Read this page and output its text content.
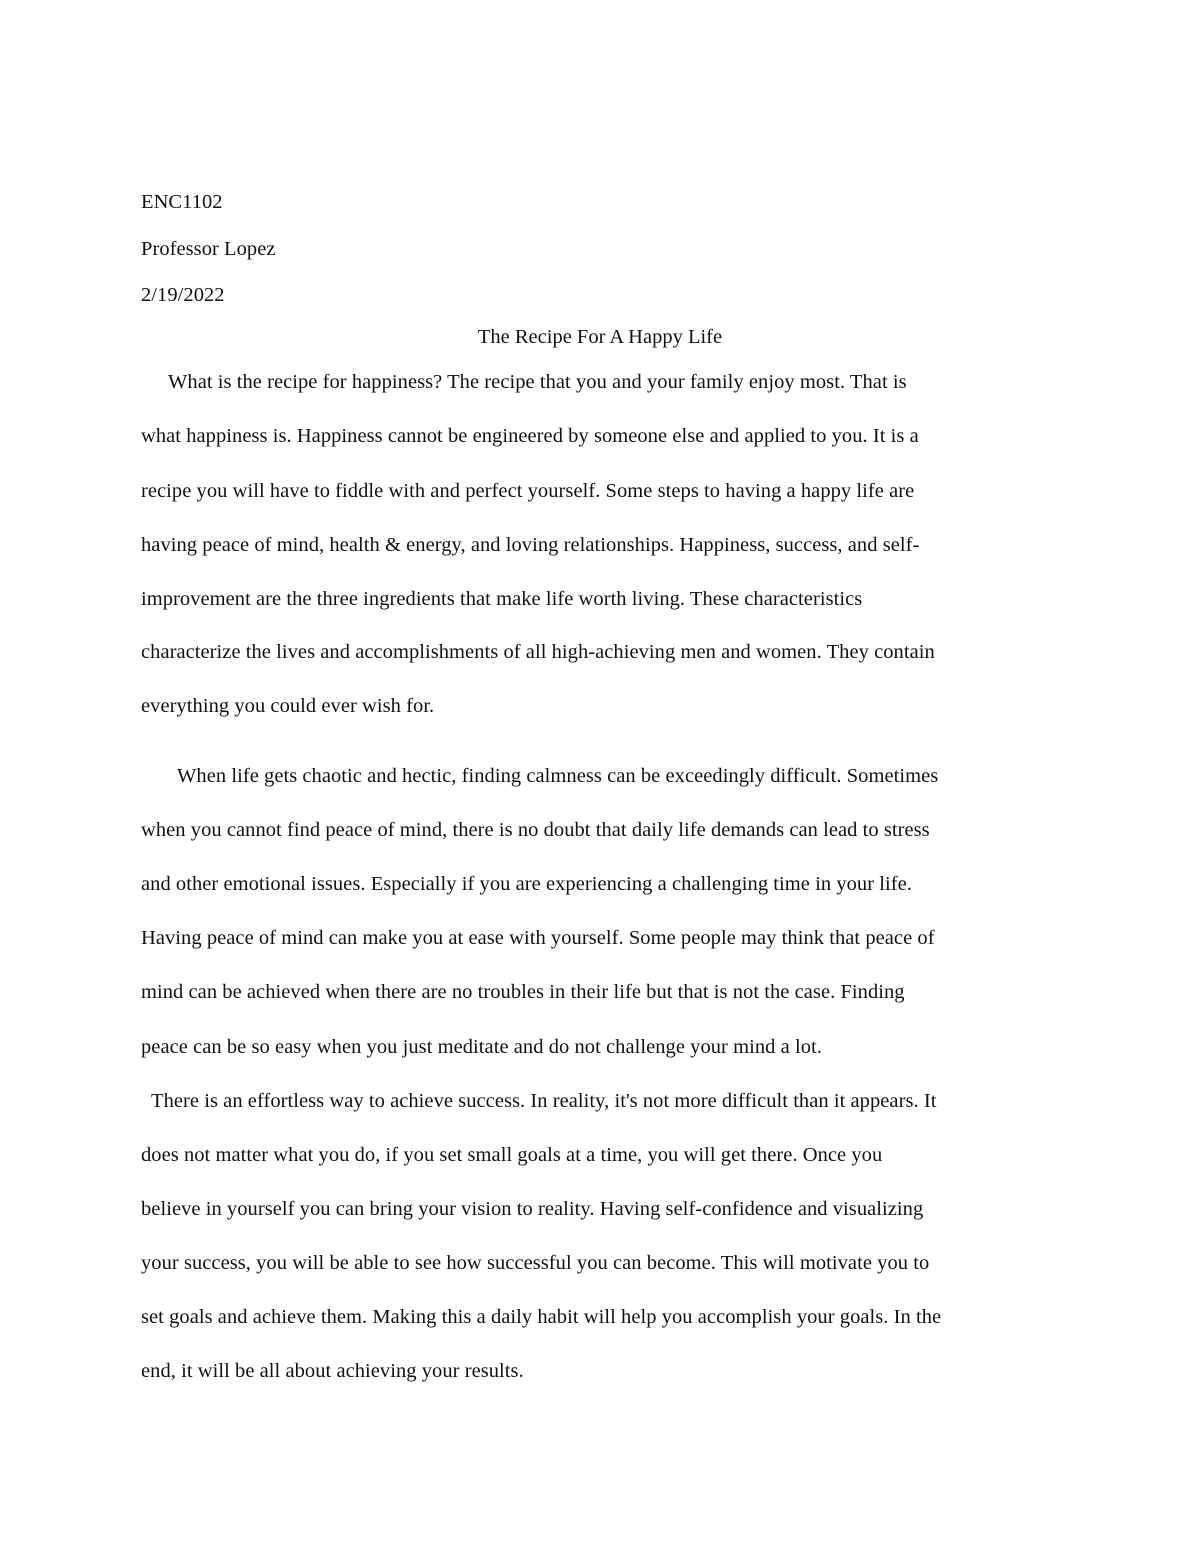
ENC1102
Professor Lopez
2/19/2022
The Recipe For A Happy Life
What is the recipe for happiness? The recipe that you and your family enjoy most. That is
what happiness is. Happiness cannot be engineered by someone else and applied to you. It is a
recipe you will have to fiddle with and perfect yourself. Some steps to having a happy life are
having peace of mind, health & energy, and loving relationships. Happiness, success, and self-
improvement are the three ingredients that make life worth living. These characteristics
characterize the lives and accomplishments of all high-achieving men and women. They contain
everything you could ever wish for.
When life gets chaotic and hectic, finding calmness can be exceedingly difficult. Sometimes
when you cannot find peace of mind, there is no doubt that daily life demands can lead to stress
and other emotional issues. Especially if you are experiencing a challenging time in your life.
Having peace of mind can make you at ease with yourself. Some people may think that peace of
mind can be achieved when there are no troubles in their life but that is not the case. Finding
peace can be so easy when you just meditate and do not challenge your mind a lot.
There is an effortless way to achieve success. In reality, it's not more difficult than it appears. It
does not matter what you do, if you set small goals at a time, you will get there. Once you
believe in yourself you can bring your vision to reality. Having self-confidence and visualizing
your success, you will be able to see how successful you can become. This will motivate you to
set goals and achieve them. Making this a daily habit will help you accomplish your goals. In the
end, it will be all about achieving your results.
